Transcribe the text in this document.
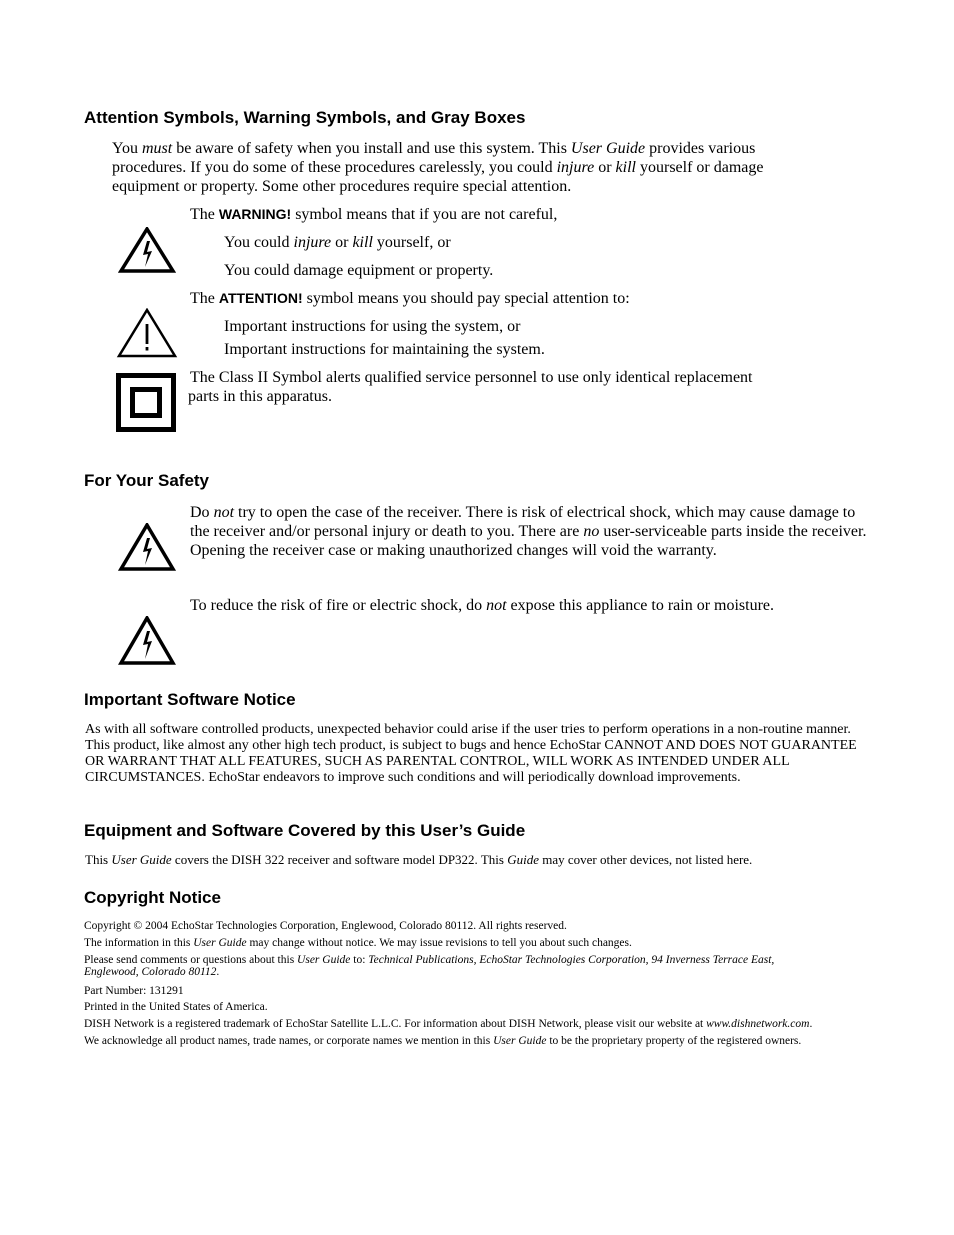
Attention Symbols, Warning Symbols, and Gray Boxes
You must be aware of safety when you install and use this system. This User Guide provides various procedures. If you do some of these procedures carelessly, you could injure or kill yourself or damage equipment or property. Some other procedures require special attention.
The WARNING! symbol means that if you are not careful,
You could injure or kill yourself, or
You could damage equipment or property.
The ATTENTION! symbol means you should pay special attention to:
Important instructions for using the system, or
Important instructions for maintaining the system.
The Class II Symbol alerts qualified service personnel to use only identical replacement
parts in this apparatus.
For Your Safety
Do not try to open the case of the receiver. There is risk of electrical shock, which may cause damage to the receiver and/or personal injury or death to you. There are no user-serviceable parts inside the receiver. Opening the receiver case or making unauthorized changes will void the warranty.
To reduce the risk of fire or electric shock, do not expose this appliance to rain or moisture.
Important Software Notice
As with all software controlled products, unexpected behavior could arise if the user tries to perform operations in a non-routine manner. This product, like almost any other high tech product, is subject to bugs and hence EchoStar CANNOT AND DOES NOT GUARANTEE OR WARRANT THAT ALL FEATURES, SUCH AS PARENTAL CONTROL, WILL WORK AS INTENDED UNDER ALL CIRCUMSTANCES. EchoStar endeavors to improve such conditions and will periodically download improvements.
Equipment and Software Covered by this User’s Guide
This User Guide covers the DISH 322 receiver and software model DP322. This Guide may cover other devices, not listed here.
Copyright Notice
Copyright © 2004 EchoStar Technologies Corporation, Englewood, Colorado 80112. All rights reserved.
The information in this User Guide may change without notice. We may issue revisions to tell you about such changes.
Please send comments or questions about this User Guide to: Technical Publications, EchoStar Technologies Corporation, 94 Inverness Terrace East,
Englewood, Colorado 80112.
Part Number: 131291
Printed in the United States of America.
DISH Network is a registered trademark of EchoStar Satellite L.L.C. For information about DISH Network, please visit our website at www.dishnetwork.com.
We acknowledge all product names, trade names, or corporate names we mention in this User Guide to be the proprietary property of the registered owners.
